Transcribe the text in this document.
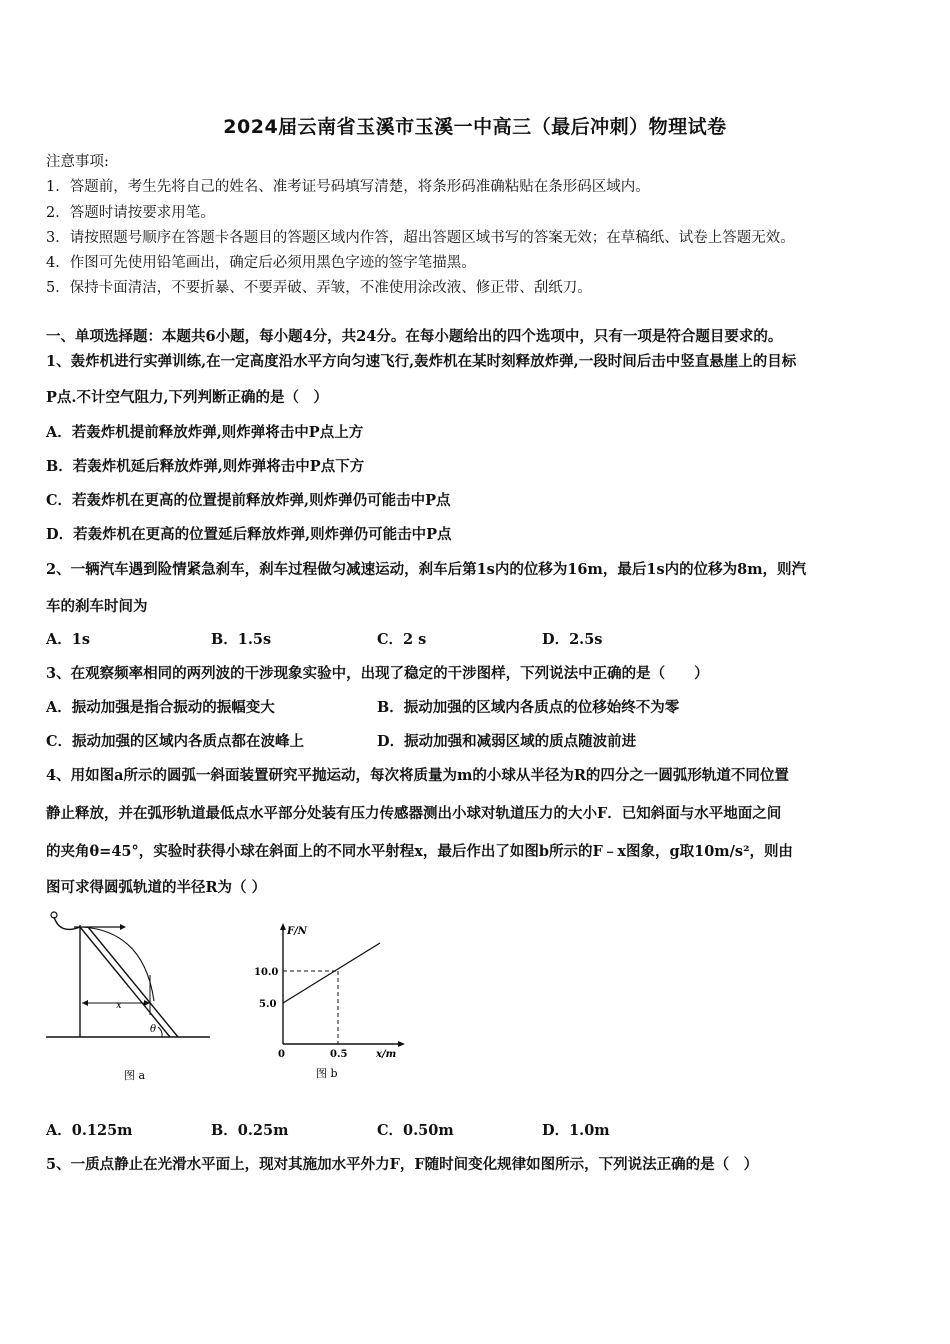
2024届云南省玉溪市玉溪一中高三（最后冲刺）物理试卷
注意事项:
1．答题前，考生先将自己的姓名、准考证号码填写清楚，将条形码准确粘贴在条形码区域内。
2．答题时请按要求用笔。
3．请按照题号顺序在答题卡各题目的答题区域内作答，超出答题区域书写的答案无效；在草稿纸、试卷上答题无效。
4．作图可先使用铅笔画出，确定后必须用黑色字迹的签字笔描黑。
5．保持卡面清洁，不要折暴、不要弄破、弄皱，不准使用涂改液、修正带、刮纸刀。
一、单项选择题：本题共6小题，每小题4分，共24分。在每小题给出的四个选项中，只有一项是符合题目要求的。
1、轰炸机进行实弹训练,在一定高度沿水平方向匀速飞行,轰炸机在某时刻释放炸弹,一段时间后击中竖直悬崖上的目标
P点.不计空气阻力,下列判断正确的是（　）
A．若轰炸机提前释放炸弹,则炸弹将击中P点上方
B．若轰炸机延后释放炸弹,则炸弹将击中P点下方
C．若轰炸机在更高的位置提前释放炸弹,则炸弹仍可能击中P点
D．若轰炸机在更高的位置延后释放炸弹,则炸弹仍可能击中P点
2、一辆汽车遇到险情紧急刹车，刹车过程做匀减速运动，刹车后第1s内的位移为16m，最后1s内的位移为8m，则汽
车的刹车时间为
A．1s	B．1.5s	C．2 s	D．2.5s
3、在观察频率相同的两列波的干涉现象实验中，出现了稳定的干涉图样，下列说法中正确的是（　　）
A．振动加强是指合振动的振幅变大	B．振动加强的区域内各质点的位移始终不为零
C．振动加强的区域内各质点都在波峰上	D．振动加强和减弱区域的质点随波前进
4、用如图a所示的圆弧一斜面装置研究平抛运动，每次将质量为m的小球从半径为R的四分之一圆弧形轨道不同位置
静止释放，并在弧形轨道最低点水平部分处装有压力传感器测出小球对轨道压力的大小F．已知斜面与水平地面之间
的夹角θ=45°，实验时获得小球在斜面上的不同水平射程x，最后作出了如图b所示的F﹣x图象，g取10m/s²，则由
图可求得圆弧轨道的半径R为（ ）
x
θ
图 a
F/N
x/m
0
10.0
5.0
0.5
图 b
A．0.125m	B．0.25m	C．0.50m	D．1.0m
5、一质点静止在光滑水平面上，现对其施加水平外力F，F随时间变化规律如图所示，下列说法正确的是（　）
